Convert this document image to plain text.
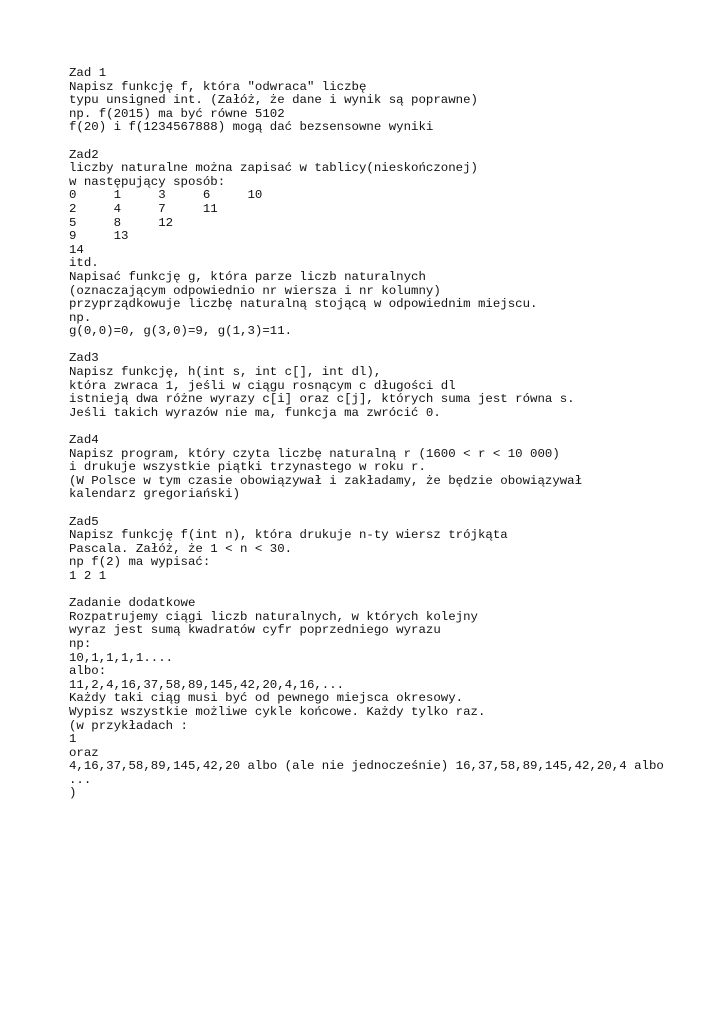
Zad 1
Napisz funkcję f, która "odwraca" liczbę
typu unsigned int. (Załóż, że dane i wynik są poprawne)
np. f(2015) ma być równe 5102
f(20) i f(1234567888) mogą dać bezsensowne wyniki
Zad2
liczby naturalne można zapisać w tablicy(nieskończonej)
w następujący sposób:
0     1     3     6     10
2     4     7     11
5     8     12
9     13
14
itd.
Napisać funkcję g, która parze liczb naturalnych
(oznaczającym odpowiednio nr wiersza i nr kolumny)
przyprządkowuje liczbę naturalną stojącą w odpowiednim miejscu.
np.
g(0,0)=0, g(3,0)=9, g(1,3)=11.
Zad3
Napisz funkcję, h(int s, int c[], int dl),
która zwraca 1, jeśli w ciągu rosnącym c długości dl
istnieją dwa różne wyrazy c[i] oraz c[j], których suma jest równa s.
Jeśli takich wyrazów nie ma, funkcja ma zwrócić 0.
Zad4
Napisz program, który czyta liczbę naturalną r (1600 < r < 10 000)
i drukuje wszystkie piątki trzynastego w roku r.
(W Polsce w tym czasie obowiązywał i zakładamy, że będzie obowiązywał
kalendarz gregoriański)
Zad5
Napisz funkcję f(int n), która drukuje n-ty wiersz trójkąta
Pascala. Załóż, że 1 < n < 30.
np f(2) ma wypisać:
1 2 1
Zadanie dodatkowe
Rozpatrujemy ciągi liczb naturalnych, w których kolejny
wyraz jest sumą kwadratów cyfr poprzedniego wyrazu
np:
10,1,1,1,1....
albo:
11,2,4,16,37,58,89,145,42,20,4,16,...
Każdy taki ciąg musi być od pewnego miejsca okresowy.
Wypisz wszystkie możliwe cykle końcowe. Każdy tylko raz.
(w przykładach :
1
oraz
4,16,37,58,89,145,42,20 albo (ale nie jednocześnie) 16,37,58,89,145,42,20,4 albo
...
)
